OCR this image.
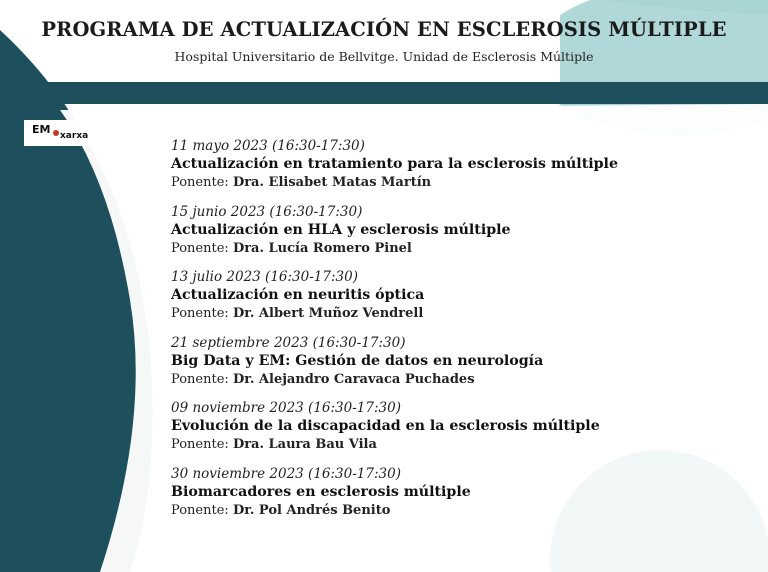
PROGRAMA DE ACTUALIZACIÓN EN ESCLEROSIS MÚLTIPLE
Hospital Universitario de Bellvitge. Unidad de Esclerosis Múltiple
EM xarxa
11 mayo 2023 (16:30-17:30)
Actualización en tratamiento para la esclerosis múltiple
Ponente: Dra. Elisabet Matas Martín
15 junio 2023 (16:30-17:30)
Actualización en HLA y esclerosis múltiple
Ponente: Dra. Lucía Romero Pinel
13 julio 2023 (16:30-17:30)
Actualización en neuritis óptica
Ponente: Dr. Albert Muñoz Vendrell
21 septiembre 2023 (16:30-17:30)
Big Data y EM: Gestión de datos en neurología
Ponente: Dr. Alejandro Caravaca Puchades
09 noviembre 2023 (16:30-17:30)
Evolución de la discapacidad en la esclerosis múltiple
Ponente: Dra. Laura Bau Vila
30 noviembre 2023 (16:30-17:30)
Biomarcadores en esclerosis múltiple
Ponente: Dr. Pol Andrés Benito
